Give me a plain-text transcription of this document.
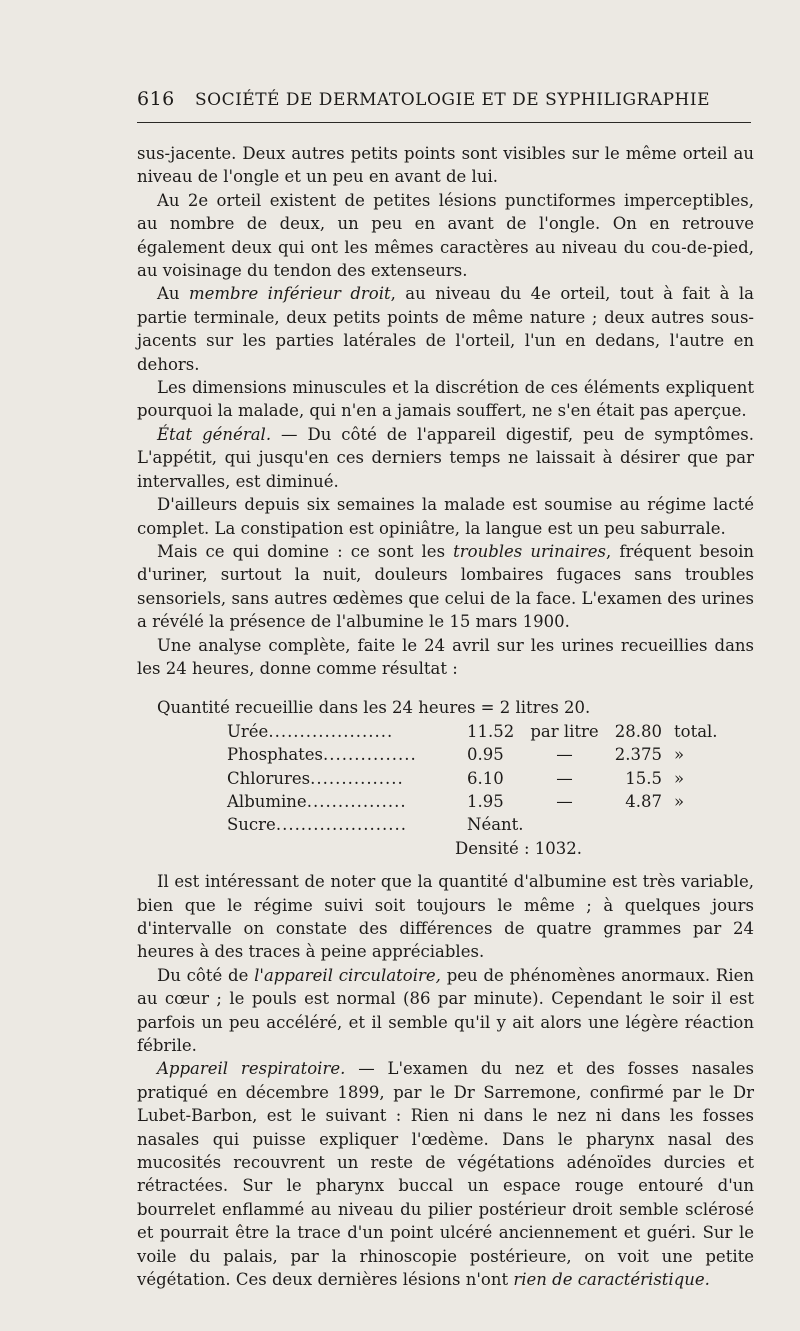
616 SOCIÉTÉ DE DERMATOLOGIE ET DE SYPHILIGRAPHIE

sus-jacente. Deux autres petits points sont visibles sur le même orteil au niveau de l'ongle et un peu en avant de lui.

Au 2e orteil existent de petites lésions punctiformes imperceptibles, au nombre de deux, un peu en avant de l'ongle. On en retrouve également deux qui ont les mêmes caractères au niveau du cou-de-pied, au voisinage du tendon des extenseurs.

Au membre inférieur droit, au niveau du 4e orteil, tout à fait à la partie terminale, deux petits points de même nature ; deux autres sous-jacents sur les parties latérales de l'orteil, l'un en dedans, l'autre en dehors.

Les dimensions minuscules et la discrétion de ces éléments expliquent pourquoi la malade, qui n'en a jamais souffert, ne s'en était pas aperçue.

État général. — Du côté de l'appareil digestif, peu de symptômes. L'appétit, qui jusqu'en ces derniers temps ne laissait à désirer que par intervalles, est diminué.

D'ailleurs depuis six semaines la malade est soumise au régime lacté complet. La constipation est opiniâtre, la langue est un peu saburrale.

Mais ce qui domine : ce sont les troubles urinaires, fréquent besoin d'uriner, surtout la nuit, douleurs lombaires fugaces sans troubles sensoriels, sans autres œdèmes que celui de la face. L'examen des urines a révélé la présence de l'albumine le 15 mars 1900.

Une analyse complète, faite le 24 avril sur les urines recueillies dans les 24 heures, donne comme résultat :

Quantité recueillie dans les 24 heures = 2 litres 20.
Urée....................	11.52 par litre 28.80 total.
Phosphates...............	0.95	—	2.375 »
Chlorures...............	6.10	—	15.5 »
Albumine................	1.95	—	4.87 »
Sucre.....................	Néant.
Densité : 1032.

Il est intéressant de noter que la quantité d'albumine est très variable, bien que le régime suivi soit toujours le même ; à quelques jours d'intervalle on constate des différences de quatre grammes par 24 heures à des traces à peine appréciables.

Du côté de l'appareil circulatoire, peu de phénomènes anormaux. Rien au cœur ; le pouls est normal (86 par minute). Cependant le soir il est parfois un peu accéléré, et il semble qu'il y ait alors une légère réaction fébrile.

Appareil respiratoire. — L'examen du nez et des fosses nasales pratiqué en décembre 1899, par le Dr Sarremone, confirmé par le Dr Lubet-Barbon, est le suivant : Rien ni dans le nez ni dans les fosses nasales qui puisse expliquer l'œdème. Dans le pharynx nasal des mucosités recouvrent un reste de végétations adénoïdes durcies et rétractées. Sur le pharynx buccal un espace rouge entouré d'un bourrelet enflammé au niveau du pilier postérieur droit semble sclérosé et pourrait être la trace d'un point ulcéré anciennement et guéri. Sur le voile du palais, par la rhinoscopie postérieure, on voit une petite végétation. Ces deux dernières lésions n'ont rien de caractéristique.
